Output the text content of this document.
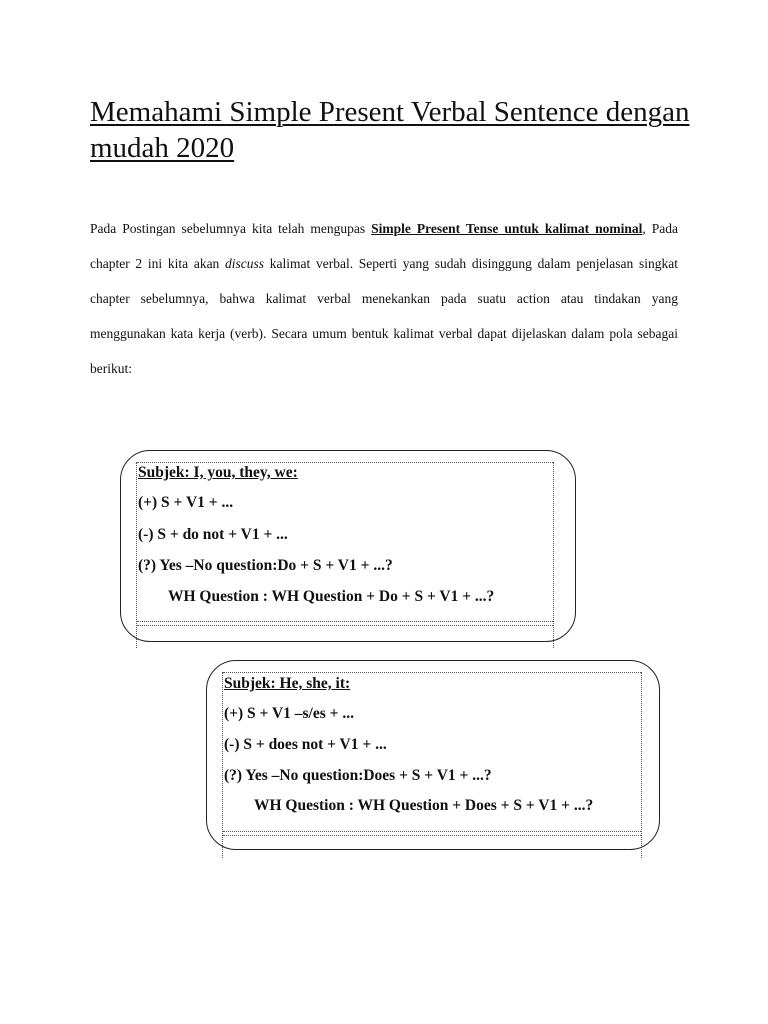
Memahami Simple Present Verbal Sentence dengan mudah 2020

Pada Postingan sebelumnya kita telah mengupas Simple Present Tense untuk kalimat nominal, Pada chapter 2 ini kita akan discuss kalimat verbal. Seperti yang sudah disinggung dalam penjelasan singkat chapter sebelumnya, bahwa kalimat verbal menekankan pada suatu action atau tindakan yang menggunakan kata kerja (verb). Secara umum bentuk kalimat verbal dapat dijelaskan dalam pola sebagai berikut:

Subjek: I, you, they, we:
(+) S + V1 + ...
(-) S + do not + V1 + ...
(?) Yes –No question:Do + S + V1 + ...?
WH Question : WH Question + Do + S + V1 + ...?
Subjek: He, she, it:
(+) S + V1 –s/es + ...
(-) S + does not + V1 + ...
(?) Yes –No question:Does + S + V1 + ...?
WH Question : WH Question + Does + S + V1 + ...?
